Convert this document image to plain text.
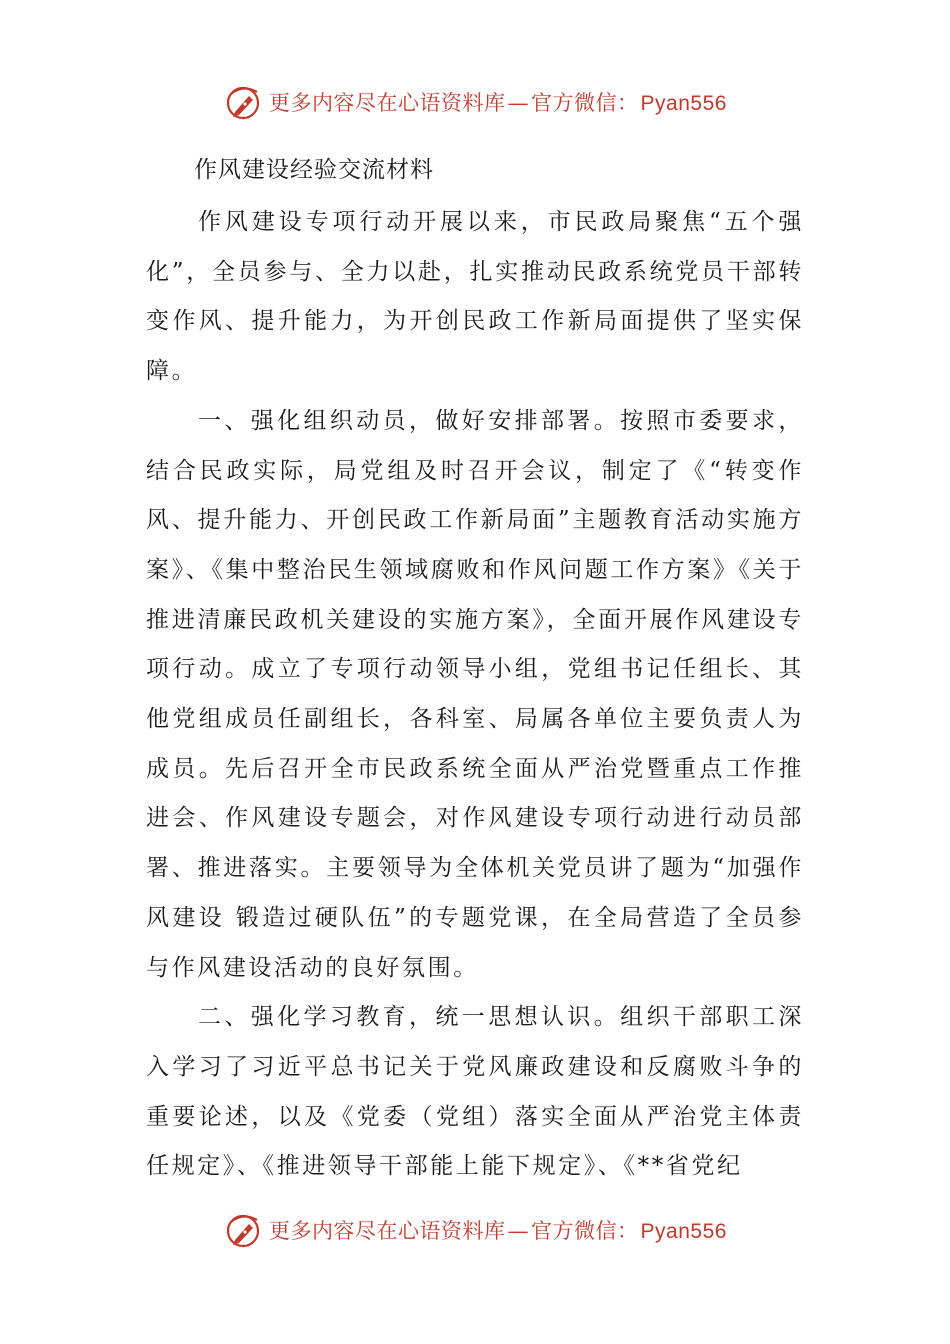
更多内容尽在心语资料库 — 官方微信： Pyan556
作风建设经验交流材料

作风建设专项行动开展以来，市民政局聚焦“五个强化”，全员参与、全力以赴，扎实推动民政系统党员干部转变作风、提升能力，为开创民政工作新局面提供了坚实保障。

一、强化组织动员，做好安排部署。按照市委要求，结合民政实际，局党组及时召开会议，制定了《“转变作风、提升能力、开创民政工作新局面”主题教育活动实施方案》、《集中整治民生领域腐败和作风问题工作方案》《关于推进清廉民政机关建设的实施方案》，全面开展作风建设专项行动。成立了专项行动领导小组，党组书记任组长、其他党组成员任副组长，各科室、局属各单位主要负责人为成员。先后召开全市民政系统全面从严治党暨重点工作推进会、作风建设专题会，对作风建设专项行动进行动员部署、推进落实。主要领导为全体机关党员讲了题为“加强作风建设 锻造过硬队伍”的专题党课，在全局营造了全员参与作风建设活动的良好氛围。

二、强化学习教育，统一思想认识。组织干部职工深入学习了习近平总书记关于党风廉政建设和反腐败斗争的重要论述，以及《党委（党组）落实全面从严治党主体责任规定》、《推进领导干部能上能下规定》、《**省党纪

更多内容尽在心语资料库 — 官方微信： Pyan556
